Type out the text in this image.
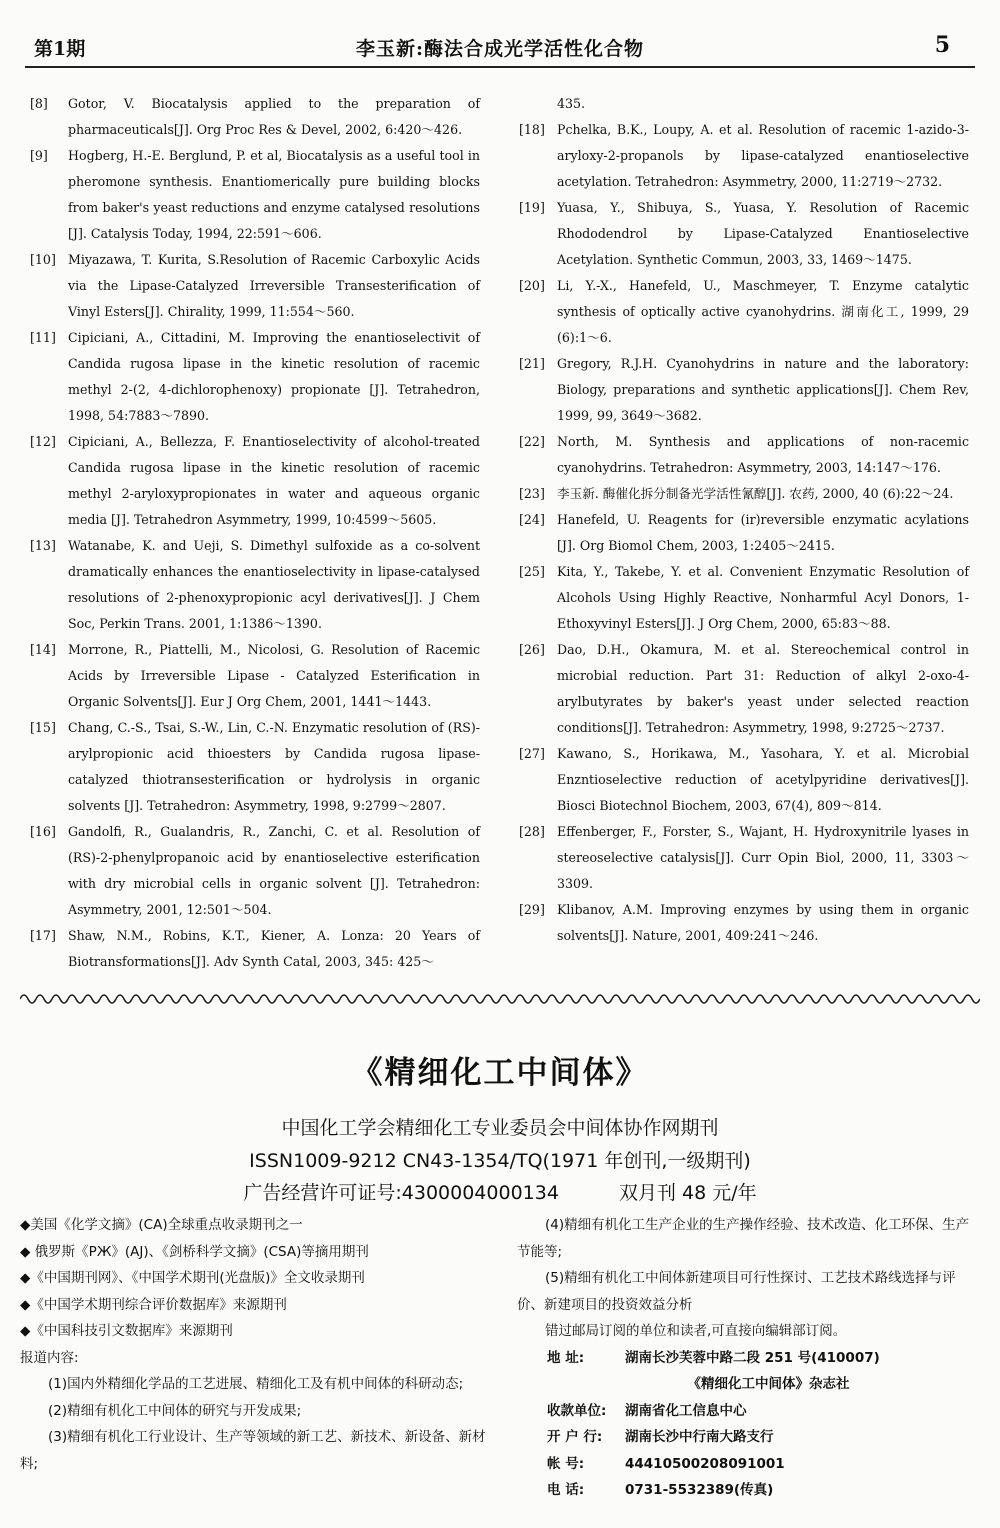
第1期	李玉新:酶法合成光学活性化合物	5
[8] Gotor, V. Biocatalysis applied to the preparation of pharmaceuticals[J]. Org Proc Res & Devel, 2002, 6:420～426.
[9] Hogberg, H.-E. Berglund, P. et al, Biocatalysis as a useful tool in pheromone synthesis. Enantiomerically pure building blocks from baker's yeast reductions and enzyme catalysed resolutions [J]. Catalysis Today, 1994, 22:591～606.
[10] Miyazawa, T. Kurita, S.Resolution of Racemic Carboxylic Acids via the Lipase-Catalyzed Irreversible Transesterification of Vinyl Esters[J]. Chirality, 1999, 11:554～560.
[11] Cipiciani, A., Cittadini, M. Improving the enantioselectivit of Candida rugosa lipase in the kinetic resolution of racemic methyl 2-(2, 4-dichlorophenoxy) propionate [J]. Tetrahedron, 1998, 54:7883～7890.
[12] Cipiciani, A., Bellezza, F. Enantioselectivity of alcohol-treated Candida rugosa lipase in the kinetic resolution of racemic methyl 2-aryloxypropionates in water and aqueous organic media [J]. Tetrahedron Asymmetry, 1999, 10:4599～5605.
[13] Watanabe, K. and Ueji, S. Dimethyl sulfoxide as a co-solvent dramatically enhances the enantioselectivity in lipase-catalysed resolutions of 2-phenoxypropionic acyl derivatives[J]. J Chem Soc, Perkin Trans. 2001, 1:1386～1390.
[14] Morrone, R., Piattelli, M., Nicolosi, G. Resolution of Racemic Acids by Irreversible Lipase - Catalyzed Esterification in Organic Solvents[J]. Eur J Org Chem, 2001, 1441～1443.
[15] Chang, C.-S., Tsai, S.-W., Lin, C.-N. Enzymatic resolution of (RS)-arylpropionic acid thioesters by Candida rugosa lipase-catalyzed thiotransesterification or hydrolysis in organic solvents [J]. Tetrahedron: Asymmetry, 1998, 9:2799～2807.
[16] Gandolfi, R., Gualandris, R., Zanchi, C. et al. Resolution of (RS)-2-phenylpropanoic acid by enantioselective esterification with dry microbial cells in organic solvent [J]. Tetrahedron: Asymmetry, 2001, 12:501～504.
[17] Shaw, N.M., Robins, K.T., Kiener, A. Lonza: 20 Years of Biotransformations[J]. Adv Synth Catal, 2003, 345: 425～
435.
[18] Pchelka, B.K., Loupy, A. et al. Resolution of racemic 1-azido-3-aryloxy-2-propanols by lipase-catalyzed enantioselective acetylation. Tetrahedron: Asymmetry, 2000, 11:2719～2732.
[19] Yuasa, Y., Shibuya, S., Yuasa, Y. Resolution of Racemic Rhododendrol by Lipase-Catalyzed Enantioselective Acetylation. Synthetic Commun, 2003, 33, 1469～1475.
[20] Li, Y.-X., Hanefeld, U., Maschmeyer, T. Enzyme catalytic synthesis of optically active cyanohydrins. 湖南化工, 1999, 29 (6):1～6.
[21] Gregory, R.J.H. Cyanohydrins in nature and the laboratory: Biology, preparations and synthetic applications[J]. Chem Rev, 1999, 99, 3649～3682.
[22] North, M. Synthesis and applications of non-racemic cyanohydrins. Tetrahedron: Asymmetry, 2003, 14:147～176.
[23] 李玉新. 酶催化拆分制备光学活性氰醇[J]. 农药, 2000, 40 (6):22～24.
[24] Hanefeld, U. Reagents for (ir)reversible enzymatic acylations [J]. Org Biomol Chem, 2003, 1:2405～2415.
[25] Kita, Y., Takebe, Y. et al. Convenient Enzymatic Resolution of Alcohols Using Highly Reactive, Nonharmful Acyl Donors, 1-Ethoxyvinyl Esters[J]. J Org Chem, 2000, 65:83～88.
[26] Dao, D.H., Okamura, M. et al. Stereochemical control in microbial reduction. Part 31: Reduction of alkyl 2-oxo-4-arylbutyrates by baker's yeast under selected reaction conditions[J]. Tetrahedron: Asymmetry, 1998, 9:2725～2737.
[27] Kawano, S., Horikawa, M., Yasohara, Y. et al. Microbial Enzntioselective reduction of acetylpyridine derivatives[J]. Biosci Biotechnol Biochem, 2003, 67(4), 809～814.
[28] Effenberger, F., Forster, S., Wajant, H. Hydroxynitrile lyases in stereoselective catalysis[J]. Curr Opin Biol, 2000, 11, 3303～3309.
[29] Klibanov, A.M. Improving enzymes by using them in organic solvents[J]. Nature, 2001, 409:241～246.
《精细化工中间体》
中国化工学会精细化工专业委员会中间体协作网期刊
ISSN1009-9212 CN43-1354/TQ(1971 年创刊,一级期刊)
广告经营许可证号:4300004000134	双月刊 48 元/年
◆ 美国《化学文摘》(CA)全球重点收录期刊之一
◆ 俄罗斯《PЖ》(AJ)、《剑桥科学文摘》(CSA)等摘用期刊
◆ 《中国期刊网》、《中国学术期刊(光盘版)》全文收录期刊
◆ 《中国学术期刊综合评价数据库》来源期刊
◆ 《中国科技引文数据库》来源期刊
报道内容:
(1)国内外精细化学品的工艺进展、精细化工及有机中间体的科研动态;
(2)精细有机化工中间体的研究与开发成果;
(3)精细有机化工行业设计、生产等领域的新工艺、新技术、新设备、新材料;
(4)精细有机化工生产企业的生产操作经验、技术改造、化工环保、生产节能等;
(5)精细有机化工中间体新建项目可行性探讨、工艺技术路线选择与评价、新建项目的投资效益分析
错过邮局订阅的单位和读者,可直接向编辑部订阅。
地 址:	湖南长沙芙蓉中路二段 251 号(410007)
《精细化工中间体》杂志社
收款单位:	湖南省化工信息中心
开 户 行:	湖南长沙中行南大路支行
帐 号:	44410500208091001
电 话:	0731-5532389(传真)
